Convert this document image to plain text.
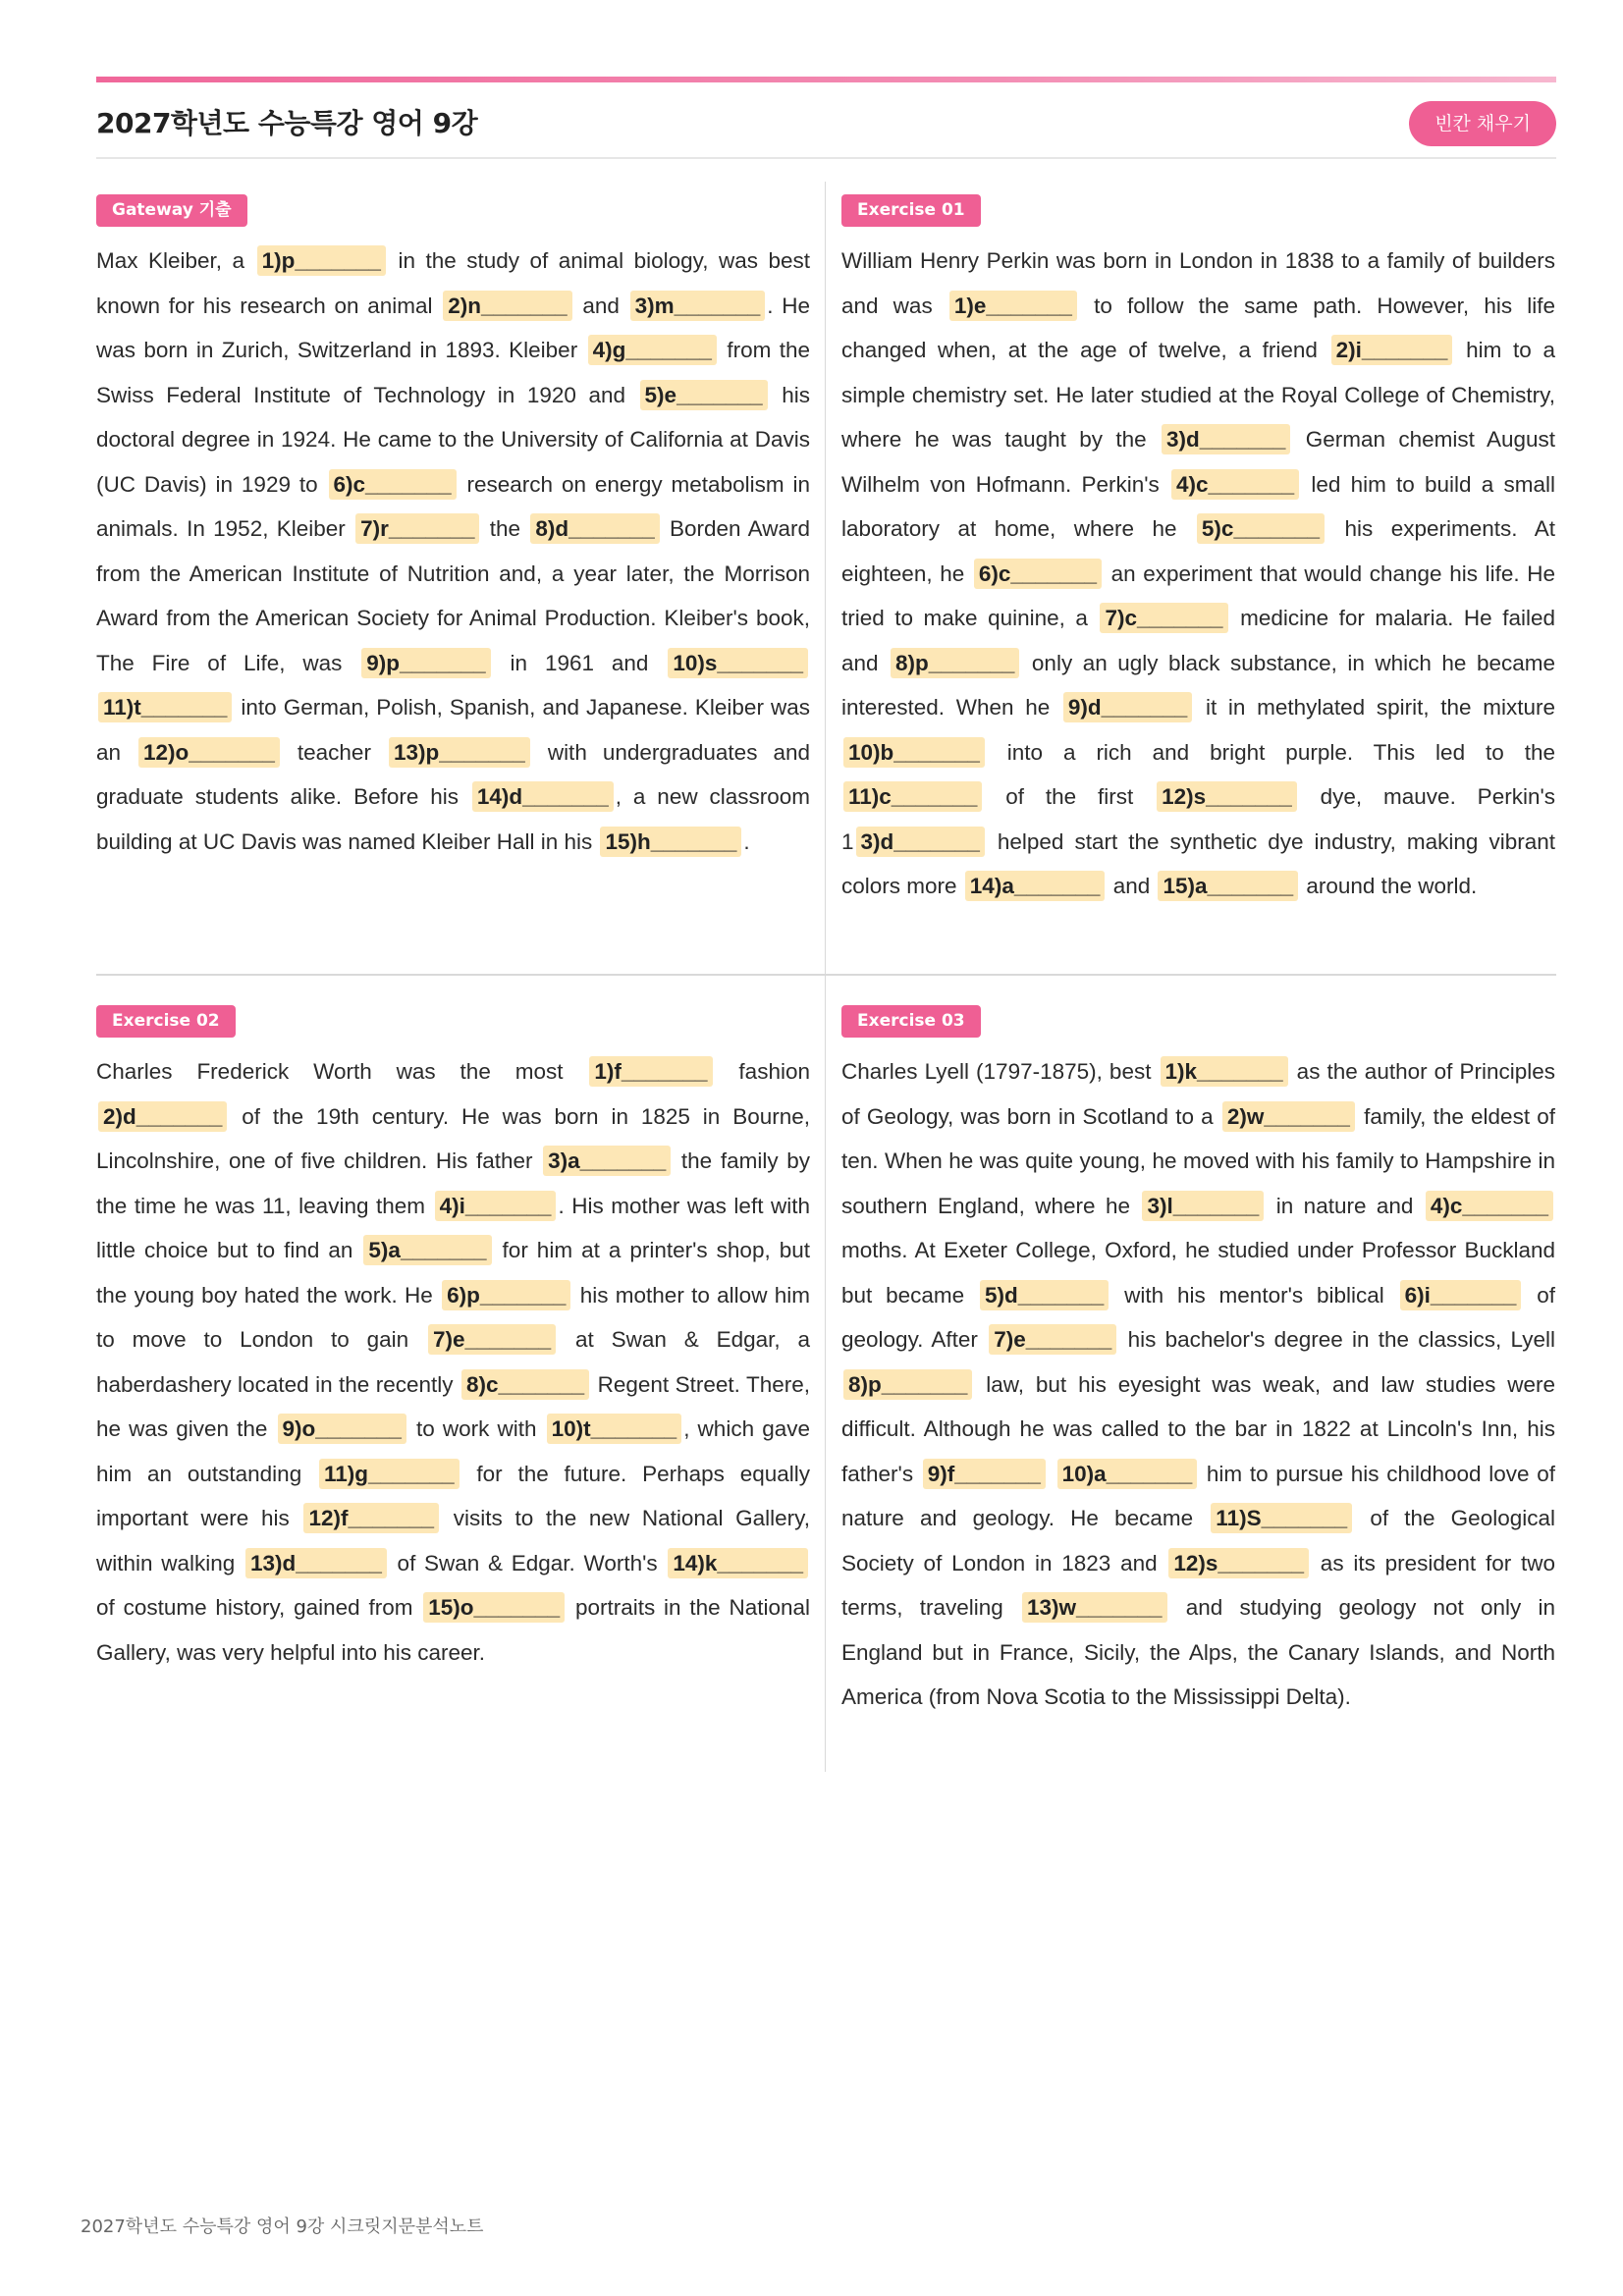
2027학년도 수능특강 영어 9강	빈칸 채우기
Gateway 기출

Max Kleiber, a 1)p_______ in the study of animal biology, was best known for his research on animal 2)n_______ and 3)m_______ . He was born in Zurich, Switzerland in 1893. Kleiber 4)g_______ from the Swiss Federal Institute of Technology in 1920 and 5)e_______ his doctoral degree in 1924. He came to the University of California at Davis (UC Davis) in 1929 to 6)c_______ research on energy metabolism in animals. In 1952, Kleiber 7)r_______ the 8)d_______ Borden Award from the American Institute of Nutrition and, a year later, the Morrison Award from the American Society for Animal Production. Kleiber's book, The Fire of Life, was 9)p_______ in 1961 and 10)s_______ 11)t_______ into German, Polish, Spanish, and Japanese. Kleiber was an 12)o_______ teacher 13)p_______ with undergraduates and graduate students alike. Before his 14)d_______ , a new classroom building at UC Davis was named Kleiber Hall in his 15)h_______ .

Exercise 01

William Henry Perkin was born in London in 1838 to a family of builders and was 1)e_______ to follow the same path. However, his life changed when, at the age of twelve, a friend 2)i_______ him to a simple chemistry set. He later studied at the Royal College of Chemistry, where he was taught by the 3)d_______ German chemist August Wilhelm von Hofmann. Perkin's 4)c_______ led him to build a small laboratory at home, where he 5)c_______ his experiments. At eighteen, he 6)c_______ an experiment that would change his life. He tried to make quinine, a 7)c_______ medicine for malaria. He failed and 8)p_______ only an ugly black substance, in which he became interested. When he 9)d_______ it in methylated spirit, the mixture 10)b_______ into a rich and bright purple. This led to the 11)c_______ of the first 12)s_______ dye, mauve. Perkin's 1 3)d_______ helped start the synthetic dye industry, making vibrant colors more 14)a_______ and 15)a_______ around the world.

Exercise 02

Charles Frederick Worth was the most 1)f_______ fashion 2)d_______ of the 19th century. He was born in 1825 in Bourne, Lincolnshire, one of five children. His father 3)a_______ the family by the time he was 11, leaving them 4)i_______ . His mother was left with little choice but to find an 5)a_______ for him at a printer's shop, but the young boy hated the work. He 6)p_______ his mother to allow him to move to London to gain 7)e_______ at Swan & Edgar, a haberdashery located in the recently 8)c_______ Regent Street. There, he was given the 9)o_______ to work with 10)t_______ , which gave him an outstanding 11)g_______ for the future. Perhaps equally important were his 12)f_______ visits to the new National Gallery, within walking 13)d_______ of Swan & Edgar. Worth's 14)k_______ of costume history, gained from 15)o_______ portraits in the National Gallery, was very helpful into his career.

Exercise 03

Charles Lyell (1797-1875), best 1)k_______ as the author of Principles of Geology, was born in Scotland to a 2)w_______ family, the eldest of ten. When he was quite young, he moved with his family to Hampshire in southern England, where he 3)l_______ in nature and 4)c_______ moths. At Exeter College, Oxford, he studied under Professor Buckland but became 5)d_______ with his mentor's biblical 6)i_______ of geology. After 7)e_______ his bachelor's degree in the classics, Lyell 8)p_______ law, but his eyesight was weak, and law studies were difficult. Although he was called to the bar in 1822 at Lincoln's Inn, his father's 9)f_______ 10)a_______ him to pursue his childhood love of nature and geology. He became 11)S_______ of the Geological Society of London in 1823 and 12)s_______ as its president for two terms, traveling 13)w_______ and studying geology not only in England but in France, Sicily, the Alps, the Canary Islands, and North America (from Nova Scotia to the Mississippi Delta).

2027학년도 수능특강 영어 9강 시크릿지문분석노트
